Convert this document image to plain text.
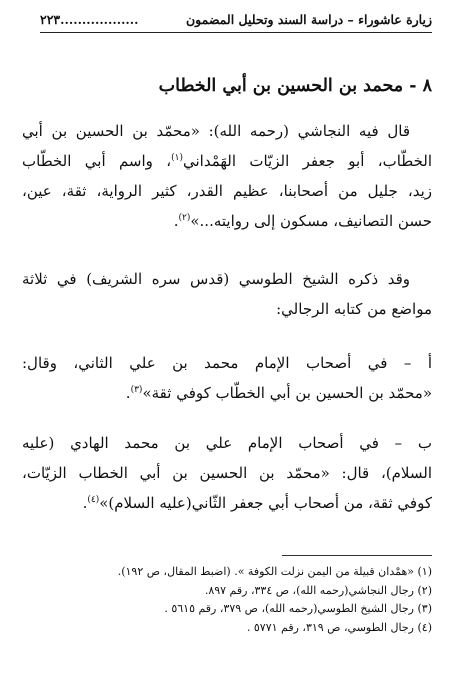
زيارة عاشوراء – دراسة السند وتحليل المضمون
..................٢٢٣
٨ - محمد بن الحسين بن أبي الخطاب
قال فيه النجاشي (رحمه الله): «محمّد بن الحسين بن أبي
الخطّاب، أبو جعفر الزيّات الهَمْداني$^{(١)}$، واسم أبي الخطّاب
زيد، جليل من أصحابنا، عظيم القدر، كثير الرواية، ثقة، عين،
حسن التصانيف، مسكون إلى روايته...»$^{(٢)}$.
وقد ذكره الشيخ الطوسي (قدس سره الشريف) في ثلاثة
مواضع من كتابه الرجالي:
أ – في أصحاب الإمام محمد بن علي الثاني، وقال:
«محمّد بن الحسين بن أبي الخطّاب كوفي ثقة»$^{(٣)}$.
ب – في أصحاب الإمام علي بن محمد الهادي (عليه
السلام)، قال: «محمّد بن الحسين بن أبي الخطاب الزيّات،
كوفي ثقة، من أصحاب أبي جعفر الثّاني(عليه السلام)»$^{(٤)}$.
(١) «همْدان قبيلة من اليمن نزلت الكوفة ». (اضبط المقال، ص ١٩٢).
(٢) رجال النجاشي(رحمه الله)، ص ٣٣٤، رقم ٨٩٧.
(٣) رجال الشيخ الطوسي(رحمه الله)، ص ٣٧٩، رقم ٥٦١٥ .
(٤) رجال الطوسي، ص ٣١٩، رقم ٥٧٧١ .
